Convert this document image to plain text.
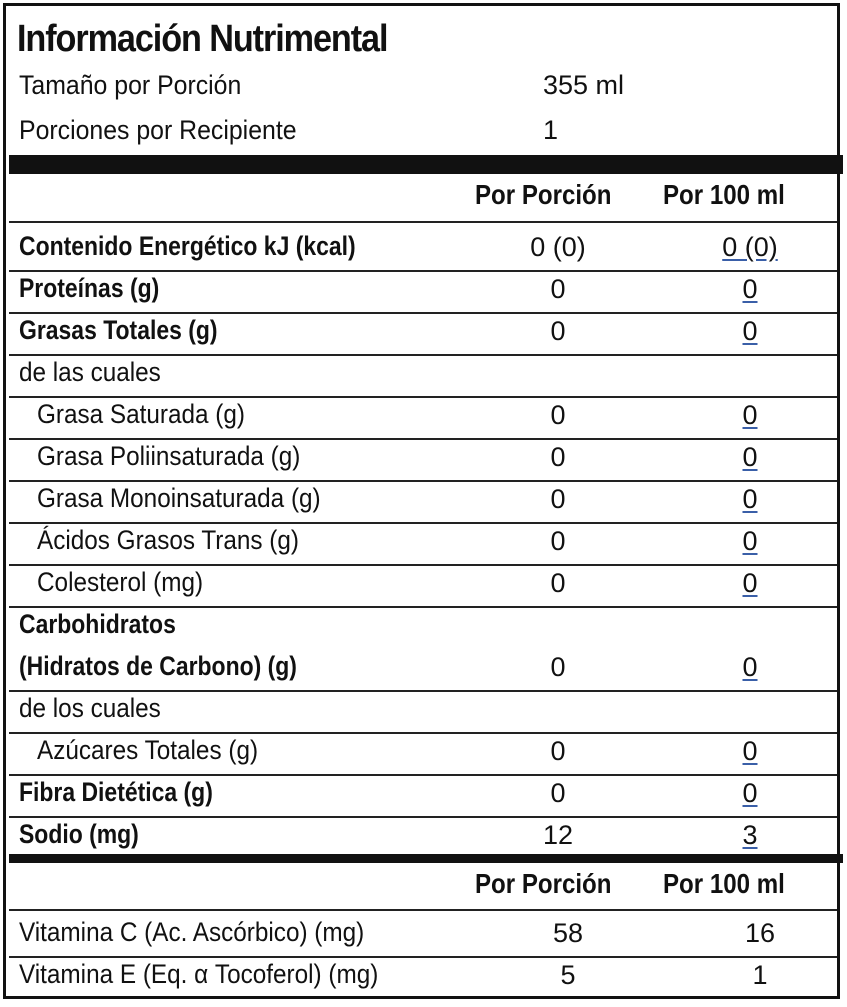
Información Nutrimental
Tamaño por Porción	355 ml
Porciones por Recipiente	1
Por Porción Por 100 ml
Contenido Energético kJ (kcal)	0 (0)	0 (0)
Proteínas (g)	0	0
Grasas Totales (g)	0	0
de las cuales
Grasa Saturada (g)	0	0
Grasa Poliinsaturada (g)	0	0
Grasa Monoinsaturada (g)	0	0
Ácidos Grasos Trans (g)	0	0
Colesterol (mg)	0	0
Carbohidratos
(Hidratos de Carbono) (g)	0	0
de los cuales
Azúcares Totales (g)	0	0
Fibra Dietética (g)	0	0
Sodio (mg)	12	3
Por Porción Por 100 ml
Vitamina C (Ac. Ascórbico) (mg)	58	16
Vitamina E (Eq. α Tocoferol) (mg)	5	1
